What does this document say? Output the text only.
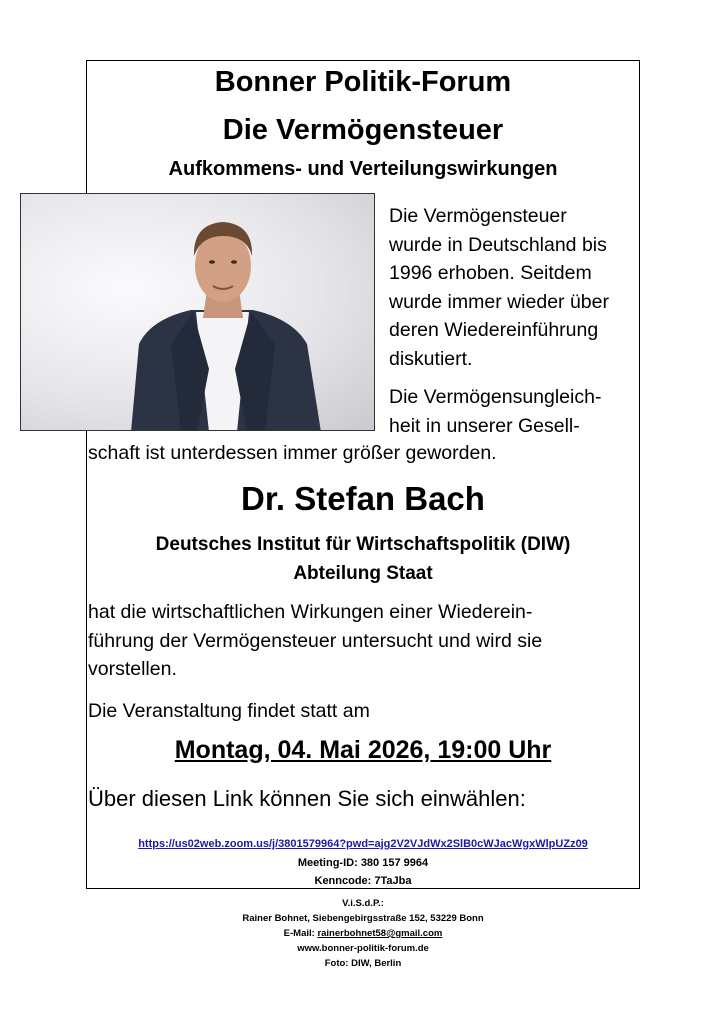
Bonner Politik-Forum
Die Vermögensteuer
Aufkommens- und Verteilungswirkungen
Die Vermögensteuer
wurde in Deutschland bis
1996 erhoben. Seitdem
wurde immer wieder über
deren Wiedereinführung
diskutiert.
Die Vermögensungleich-
heit in unserer Gesell-
schaft ist unterdessen immer größer geworden.
Dr. Stefan Bach
Deutsches Institut für Wirtschaftspolitik (DIW)
Abteilung Staat
hat die wirtschaftlichen Wirkungen einer Wiederein-
führung der Vermögensteuer untersucht und wird sie
vorstellen.
Die Veranstaltung findet statt am
Montag, 04. Mai 2026, 19:00 Uhr
Über diesen Link können Sie sich einwählen:
https://us02web.zoom.us/j/3801579964?pwd=ajg2V2VJdWx2SlB0cWJacWgxWlpUZz09
Meeting-ID: 380 157 9964
Kenncode: 7TaJba
V.i.S.d.P.:
Rainer Bohnet, Siebengebirgsstraße 152, 53229 Bonn
E-Mail: rainerbohnet58@gmail.com
www.bonner-politik-forum.de
Foto: DIW, Berlin
